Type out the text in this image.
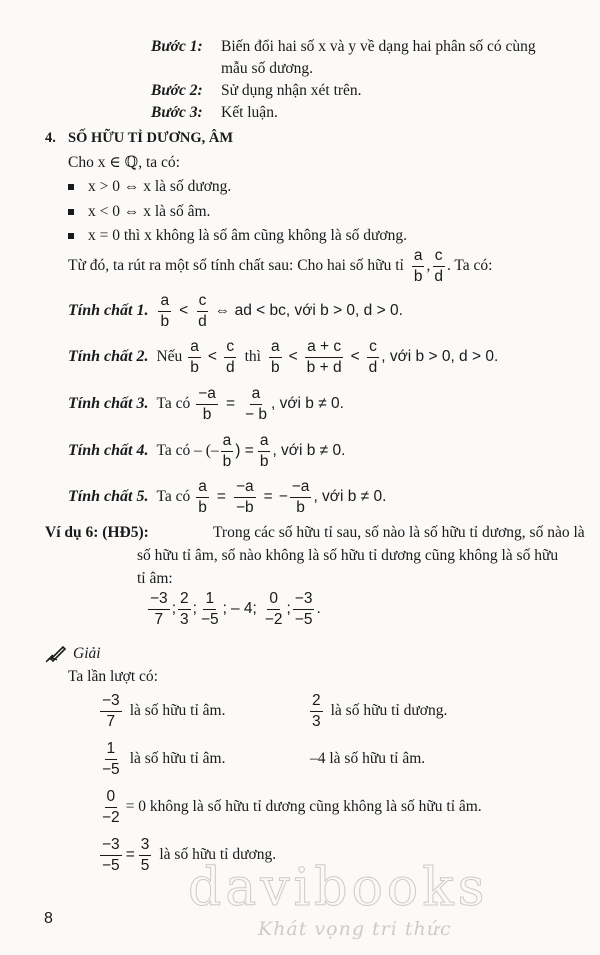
Bước 1: Biến đổi hai số x và y về dạng hai phân số có cùng
mẫu số dương.
Bước 2: Sử dụng nhận xét trên.
Bước 3: Kết luận.
4. SỐ HỮU TỈ DƯƠNG, ÂM
Cho x ∈ ℚ, ta có:
x > 0 ⇔ x là số dương.
x < 0 ⇔ x là số âm.
x = 0 thì x không là số âm cũng không là số dương.
Từ đó, ta rút ra một số tính chất sau: Cho hai số hữu tỉ $\frac{a}{b}$ , $\frac{c}{d}$ . Ta có:
Tính chất 1. $\frac{a}{b} < \frac{c}{d}$ ⇔ ad < bc, với b > 0, d > 0.
Tính chất 2. Nếu $\frac{a}{b} < \frac{c}{d}$ thì $\frac{a}{b} < \frac{a + c}{b + d} < \frac{c}{d}$ , với b > 0, d > 0.
Tính chất 3. Ta có $\frac{-a}{b} = \frac{a}{- b}$ , với b ≠ 0.
Tính chất 4. Ta có – (– $\frac{a}{b}$ ) = $\frac{a}{b}$ , với b ≠ 0.
Tính chất 5. Ta có $\frac{a}{b} = \frac{-a}{-b}$ = − $\frac{-a}{b}$ , với b ≠ 0.
Ví dụ 6: (HĐ5):	Trong các số hữu tỉ sau, số nào là số hữu tỉ dương, số nào là
số hữu tỉ âm, số nào không là số hữu tỉ dương cũng không là số hữu
tỉ âm:
$\frac{-3}{7}$ ; $\frac{2}{3}$ ; $\frac{1}{-5}$ ; – 4; $\frac{0}{-2}$ ; $\frac{-3}{-5}$ .
Giải
Ta lần lượt có:
$\frac{-3}{7}$ là số hữu tỉ âm.	$\frac{2}{3}$ là số hữu tỉ dương.
$\frac{1}{-5}$ là số hữu tỉ âm.	–4 là số hữu tỉ âm.
$\frac{0}{-2} = 0$ không là số hữu tỉ dương cũng không là số hữu tỉ âm.
$\frac{-3}{-5} = \frac{3}{5}$ là số hữu tỉ dương.
8
davibooks
Khát vọng tri thức
